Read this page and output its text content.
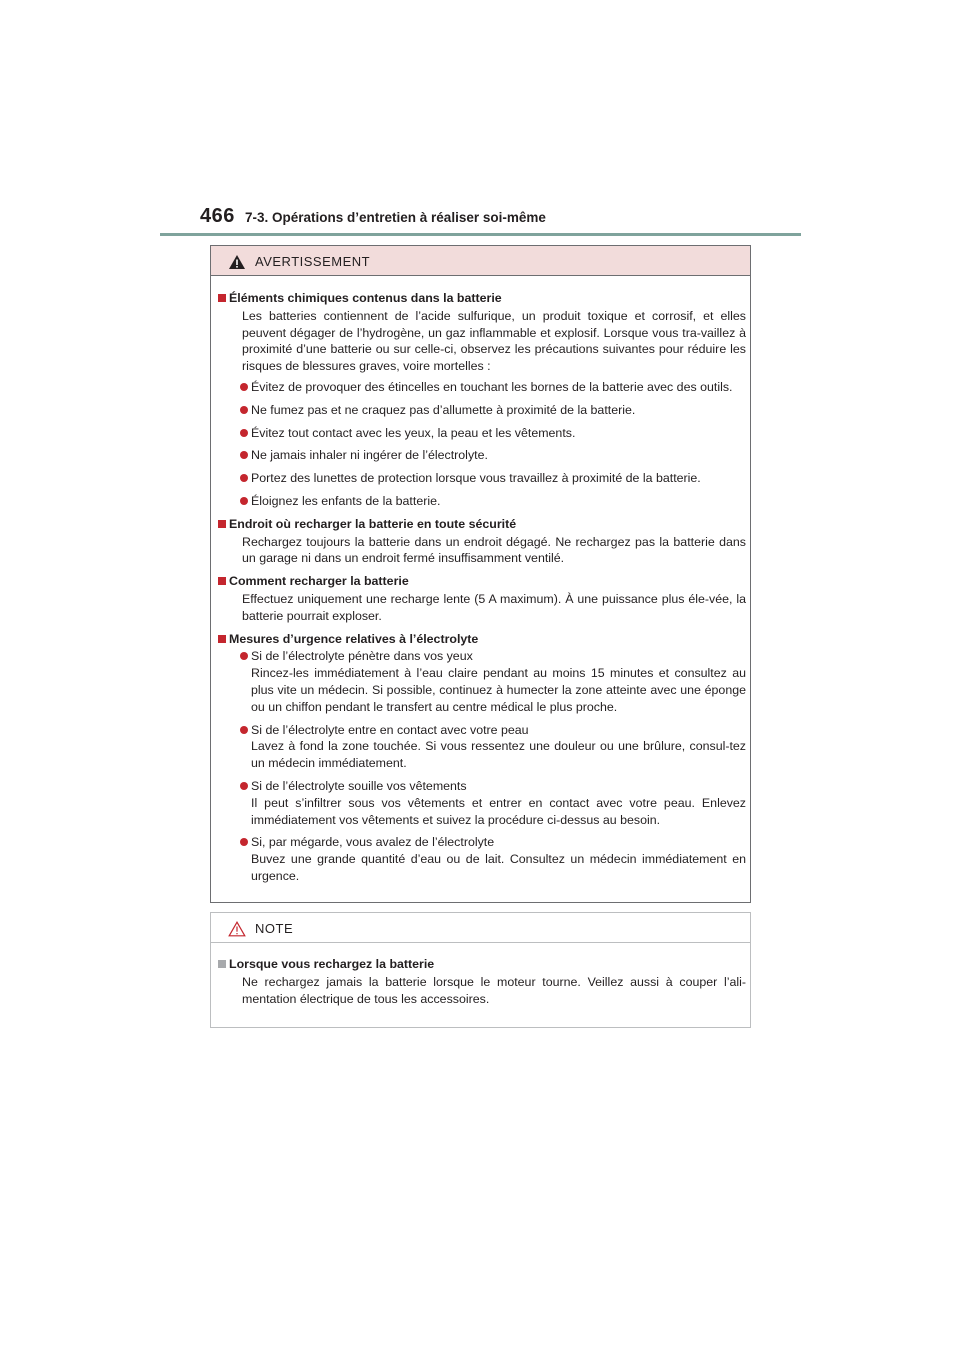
466 7-3. Opérations d’entretien à réaliser soi-même
AVERTISSEMENT
Éléments chimiques contenus dans la batterie
Les batteries contiennent de l’acide sulfurique, un produit toxique et corrosif, et elles peuvent dégager de l’hydrogène, un gaz inflammable et explosif. Lorsque vous tra-vaillez à proximité d’une batterie ou sur celle-ci, observez les précautions suivantes pour réduire les risques de blessures graves, voire mortelles :
Évitez de provoquer des étincelles en touchant les bornes de la batterie avec des outils.
Ne fumez pas et ne craquez pas d’allumette à proximité de la batterie.
Évitez tout contact avec les yeux, la peau et les vêtements.
Ne jamais inhaler ni ingérer de l’électrolyte.
Portez des lunettes de protection lorsque vous travaillez à proximité de la batterie.
Éloignez les enfants de la batterie.
Endroit où recharger la batterie en toute sécurité
Rechargez toujours la batterie dans un endroit dégagé. Ne rechargez pas la batterie dans un garage ni dans un endroit fermé insuffisamment ventilé.
Comment recharger la batterie
Effectuez uniquement une recharge lente (5 A maximum). À une puissance plus éle-vée, la batterie pourrait exploser.
Mesures d’urgence relatives à l’électrolyte
Si de l’électrolyte pénètre dans vos yeux
Rincez-les immédiatement à l’eau claire pendant au moins 15 minutes et consultez au plus vite un médecin. Si possible, continuez à humecter la zone atteinte avec une éponge ou un chiffon pendant le transfert au centre médical le plus proche.
Si de l’électrolyte entre en contact avec votre peau
Lavez à fond la zone touchée. Si vous ressentez une douleur ou une brûlure, consul-tez un médecin immédiatement.
Si de l’électrolyte souille vos vêtements
Il peut s’infiltrer sous vos vêtements et entrer en contact avec votre peau. Enlevez immédiatement vos vêtements et suivez la procédure ci-dessus au besoin.
Si, par mégarde, vous avalez de l’électrolyte
Buvez une grande quantité d’eau ou de lait. Consultez un médecin immédiatement en urgence.
NOTE
Lorsque vous rechargez la batterie
Ne rechargez jamais la batterie lorsque le moteur tourne. Veillez aussi à couper l’ali-mentation électrique de tous les accessoires.
